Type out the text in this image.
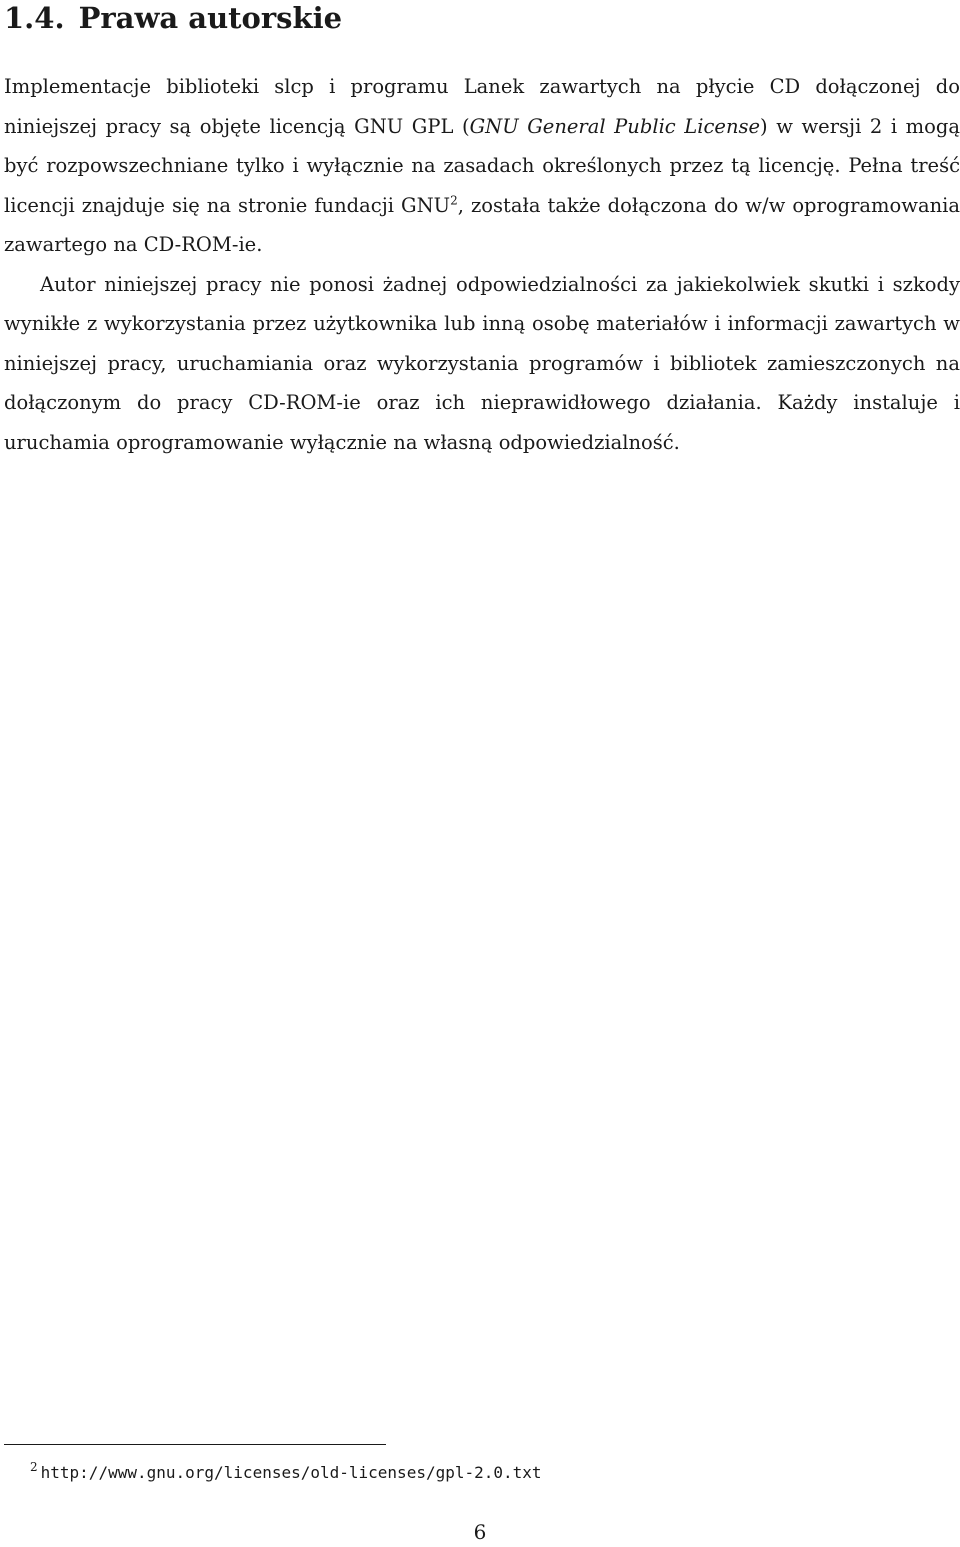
1.4. Prawa autorskie

Implementacje biblioteki slcp i programu Lanek zawartych na płycie CD dołączonej do niniejszej pracy są objęte licencją GNU GPL (GNU General Public License) w wersji 2 i mogą być rozpowszechniane tylko i wyłącznie na zasadach określonych przez tą licencję. Pełna treść licencji znajduje się na stronie fundacji GNU$^2$, została także dołączona do w/w oprogramowania zawartego na CD-ROM-ie.

Autor niniejszej pracy nie ponosi żadnej odpowiedzialności za jakiekolwiek skutki i szkody wynikłe z wykorzystania przez użytkownika lub inną osobę materiałów i informacji zawartych w niniejszej pracy, uruchamiania oraz wykorzystania programów i bibliotek zamieszczonych na dołączonym do pracy CD-ROM-ie oraz ich nieprawidłowego działania. Każdy instaluje i uruchamia oprogramowanie wyłącznie na własną odpowiedzialność.

$^2$ http://www.gnu.org/licenses/old-licenses/gpl-2.0.txt
6
